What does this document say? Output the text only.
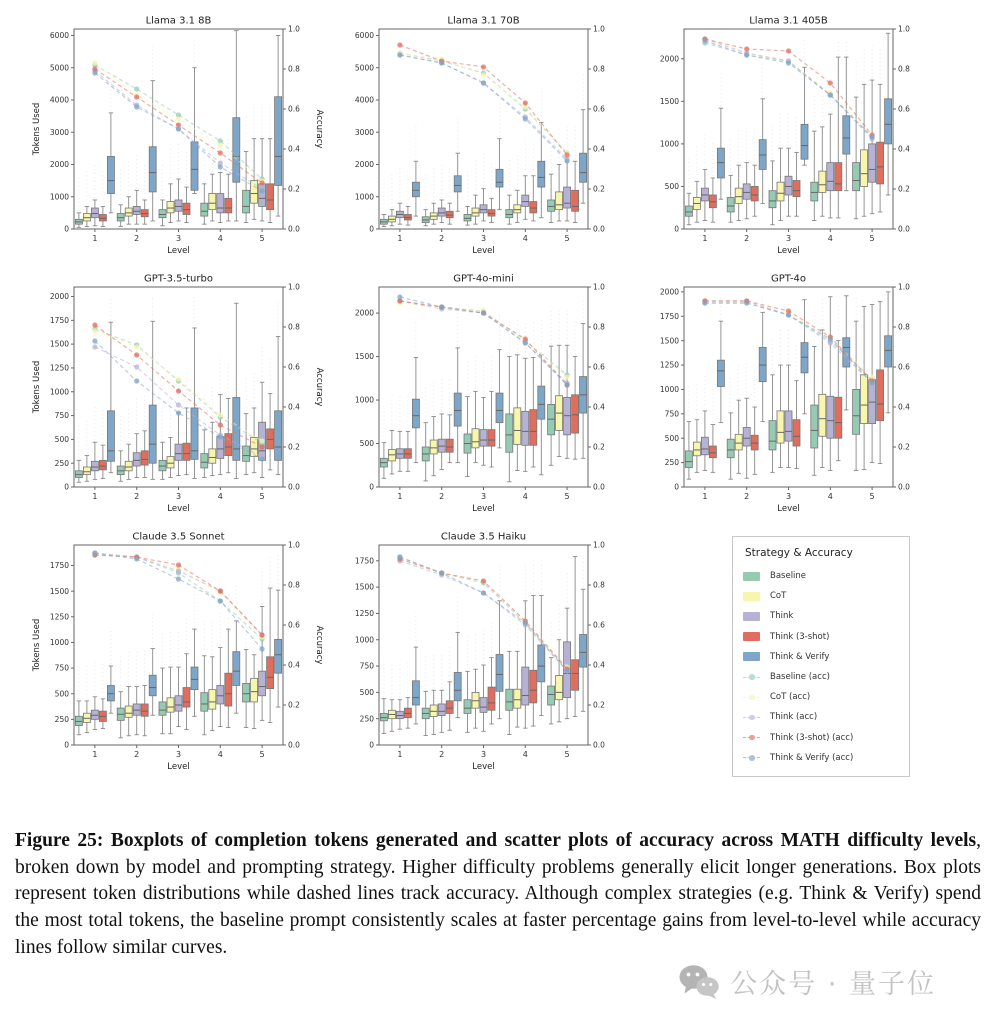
Llama 3.1 8B
0
1000
2000
3000
4000
5000
6000
0.0
0.2
0.4
0.6
0.8
1.0
1	2	3	4	5
Level
Tokens Used	Accuracy
Llama 3.1 70B
0
1000
2000
3000
4000
5000
6000
0.0
0.2
0.4
0.6
0.8
1.0
1	2	3	4	5
Level
Llama 3.1 405B
0
500
1000
1500
2000
0.0
0.2
0.4
0.6
0.8
1.0
1	2	3	4	5
Level
GPT-3.5-turbo
0
250
500
750
1000
1250
1500
1750
2000
0.0
0.2
0.4
0.6
0.8
1.0
1	2	3	4	5
Level
Tokens Used	Accuracy
GPT-4o-mini
0
500
1000
1500
2000
0.0
0.2
0.4
0.6
0.8
1.0
1	2	3	4	5
Level
GPT-4o
0
250
500
750
1000
1250
1500
1750
2000
0.0
0.2
0.4
0.6
0.8
1.0
1	2	3	4	5
Level
Claude 3.5 Sonnet
0
250
500
750
1000
1250
1500
1750
0.0
0.2
0.4
0.6
0.8
1.0
1	2	3	4	5
Level
Tokens Used	Accuracy
Claude 3.5 Haiku
0
250
500
750
1000
1250
1500
1750
0.0
0.2
0.4
0.6
0.8
1.0
1	2	3	4	5
Level
Strategy & Accuracy
Baseline
CoT
Think
Think (3-shot)
Think & Verify
Baseline (acc)
CoT (acc)
Think (acc)
Think (3-shot) (acc)
Think & Verify (acc)

Figure 25: Boxplots of completion tokens generated and scatter plots of accuracy across MATH difficulty levels, broken down by model and prompting strategy. Higher difficulty problems generally elicit longer generations. Box plots represent token distributions while dashed lines track accuracy. Although complex strategies (e.g. Think & Verify) spend the most total tokens, the baseline prompt consistently scales at faster percentage gains from level-to-level while accuracy lines follow similar curves.

公众号 · 量子位
